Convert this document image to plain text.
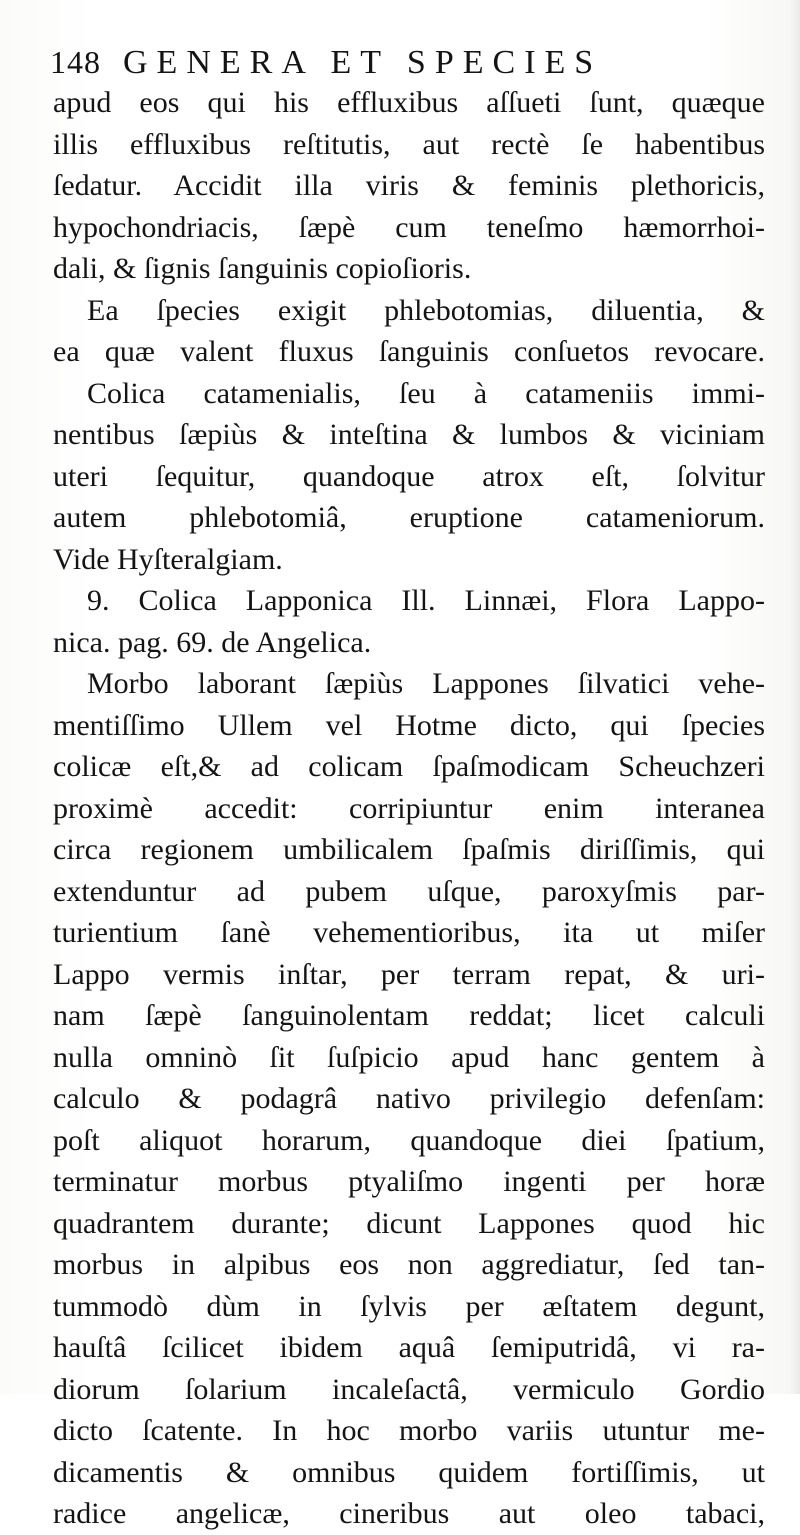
148 GENERA ET SPECIES
apud eos qui his effluxibus aſſueti ſunt, quæque
illis effluxibus reſtitutis, aut rectè ſe habentibus
ſedatur. Accidit illa viris & feminis plethoricis,
hypochondriacis, ſæpè cum teneſmo hæmorrhoi-
dali, & ſignis ſanguinis copioſioris.
Ea ſpecies exigit phlebotomias, diluentia, &
ea quæ valent fluxus ſanguinis conſuetos revocare.
Colica catamenialis, ſeu à catameniis immi-
nentibus ſæpiùs & inteſtina & lumbos & viciniam
uteri ſequitur, quandoque atrox eſt, ſolvitur
autem phlebotomiâ, eruptione catameniorum.
Vide Hyſteralgiam.
9. Colica Lapponica Ill. Linnæi, Flora Lappo-
nica. pag. 69. de Angelica.
Morbo laborant ſæpiùs Lappones ſilvatici vehe-
mentiſſimo Ullem vel Hotme dicto, qui ſpecies
colicæ eſt,& ad colicam ſpaſmodicam Scheuchzeri
proximè accedit: corripiuntur enim interanea
circa regionem umbilicalem ſpaſmis diriſſimis, qui
extenduntur ad pubem uſque, paroxyſmis par-
turientium ſanè vehementioribus, ita ut miſer
Lappo vermis inſtar, per terram repat, & uri-
nam ſæpè ſanguinolentam reddat; licet calculi
nulla omninò ſit ſuſpicio apud hanc gentem à
calculo & podagrâ nativo privilegio defenſam:
poſt aliquot horarum, quandoque diei ſpatium,
terminatur morbus ptyaliſmo ingenti per horæ
quadrantem durante; dicunt Lappones quod hic
morbus in alpibus eos non aggrediatur, ſed tan-
tummodò dùm in ſylvis per æſtatem degunt,
hauſtâ ſcilicet ibidem aquâ ſemiputridâ, vi ra-
diorum ſolarium incaleſactâ, vermiculo Gordio
dicto ſcatente. In hoc morbo variis utuntur me-
dicamentis & omnibus quidem fortiſſimis, ut
radice angelicæ, cineribus aut oleo tabaci,
